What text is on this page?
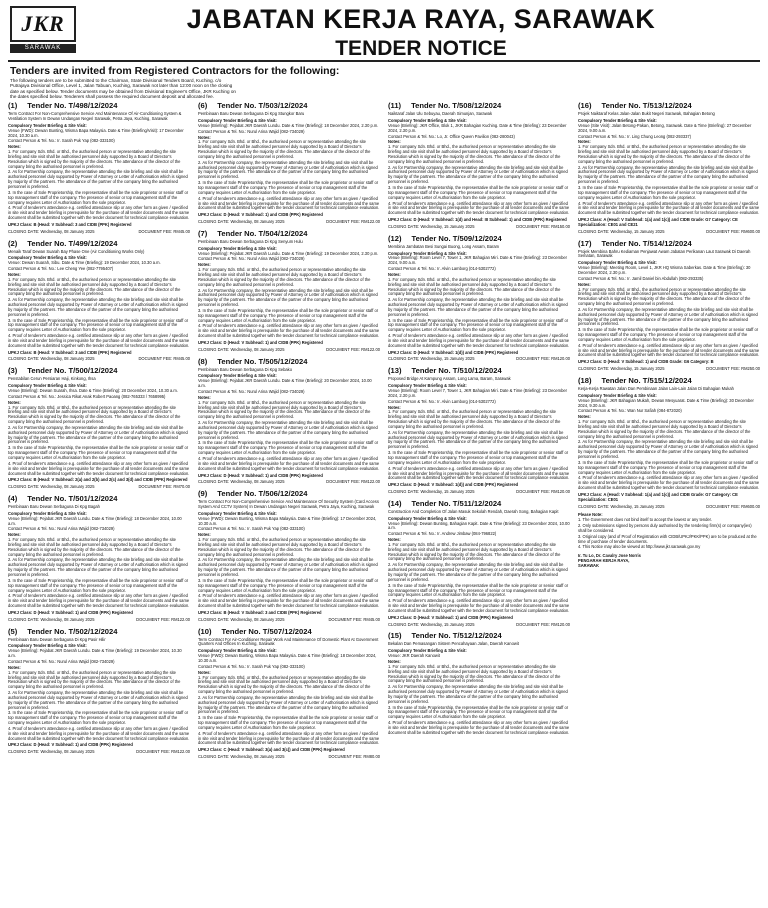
JKR
SARAWAK
JABATAN KERJA RAYA, SARAWAK
TENDER NOTICE
Tenders are invited from Registered Contractors for the following:
The following tenders are to be submitted to the Chairman, State Divisional Tenders Board, Kuching. c/o Putrajaya Divisional Office, Level 1, Jalan Tabuan, Kuching, Sarawak not later than 12:00 noon on the closing date as specified below. Tender documents may be obtained from Divisional Engineer's Office, JKR Kuching on the dates specified below. Tenderers shall possess the required document deposit and allocated fee.
(1) Tender No. T/498/12/2024
Term Contract For Non-Comprehensive Service And Maintenance Of Air-Conditioning System & Ventilation System In Dewan Undangan Negeri Sarawak, Petra Jaya, Kuching, Sarawak
Compulsory Tender Briefing & Site Visit:
Venue (FWD): Dewan Bunting, Wisma Bapa Malaysia. Date & Time (Briefing/Visit): 17 December 2024, 10.30 a.m.
Contact Person & Tel. No.: Ir. Sarah Puk Yap (082-333100)
Notes:
1. For company Sdn. Bhd. or Bhd., the authorised person or representative attending the site briefing and site visit shall be authorised personnel duly supported by a Board of Director's Resolution which is signed by the majority of the directors. The attendance of the director of the company bring the authorised personnel is preferred.
2. As for Partnership company, the representative attending the site briefing and site visit shall be authorised personnel duly supported by Power of Attorney or Letter of Authorisation which is signed by majority of the partners. The attendance of the partner of the company bring the authorised personnel is preferred.
3. In the case of Sole Proprietorship, the representative shall be the sole proprietor or senior staff or top management staff of the company. The presence of senior or top management staff of the company requires Letter of Authorisation from the sole proprietor.
4. Proof of tenderer's attendance e.g. certified attendance slip or any other form as given / specified in site visit and tender briefing is prerequisite for the purchase of all tender documents and the same document shall be submitted together with the tender document for technical compliance evaluation.
UPKJ Class: B (Head: V Subhead: 3 and CIDB (PPK) Registered
DOCUMENT FEE: RM45.00
CLOSING DATE: Wednesday, 08 January 2025
(2) Tender No. T/499/12/2024
Menaik Taraf Dewan Suarah Bay Phase One (Air Conditioning Works Only)
Compulsory Tender Briefing & Site Visit:
Venue: Dewan Suarah, Sibu. Date & Time (Briefing): 19 December 2024, 10.30 a.m.
Contact Person & Tel. No.: Lee Cheng Yee (082-7795407)
Notes:
1. For company Sdn. Bhd. or Bhd., the authorised person or representative attending the site briefing and site visit shall be authorised personnel duly supported by a Board of Director's Resolution which is signed by the majority of the directors. The attendance of the director of the company bring the authorised personnel is preferred.
2. As for Partnership company, the representative attending the site briefing and site visit shall be authorised personnel duly supported by Power of Attorney or Letter of Authorisation which is signed by majority of the partners. The attendance of the partner of the company bring the authorised personnel is preferred.
3. In the case of Sole Proprietorship, the representative shall be the sole proprietor or senior staff or top management staff of the company. The presence of senior or top management staff of the company requires Letter of Authorisation from the sole proprietor.
4. Proof of tenderer's attendance e.g. certified attendance slip or any other form as given / specified in site visit and tender briefing is prerequisite for the purchase of all tender documents and the same document shall be submitted together with the tender document for technical compliance evaluation.
UPKJ Class: B (Head: V Subhead: 3 and CIDB (PPK) Registered
DOCUMENT FEE: RM45.00
CLOSING DATE: Wednesday, 08 January 2025
(3) Tender No. T/500/12/2024
Penstabilan Cerun Persiaran Haji, Kinkong, Ihsa
Compulsory Tender Briefing & Site Visit:
Venue (Briefing): Dewan Suarah, Ihsa. Date & Time (Briefing): 20 December 2024, 10.30 a.m.
Contact Person & Tel. No.: Jessica Rikat Anak Robert Paoang (082-765333 / 7658995)
Notes:
1. For company Sdn. Bhd. or Bhd., the authorised person or representative attending the site briefing and site visit shall be authorised personnel duly supported by a Board of Director's Resolution which is signed by the majority of the directors. The attendance of the director of the company bring the authorised personnel is preferred.
2. As for Partnership company, the representative attending the site briefing and site visit shall be authorised personnel duly supported by Power of Attorney or Letter of Authorisation which is signed by majority of the partners. The attendance of the partner of the company bring the authorised personnel is preferred.
3. In the case of Sole Proprietorship, the representative shall be the sole proprietor or senior staff or top management staff of the company. The presence of senior or top management staff of the company requires Letter of Authorisation from the sole proprietor.
4. Proof of tenderer's attendance e.g. certified attendance slip or any other form as given / specified in site visit and tender briefing is prerequisite for the purchase of all tender documents and the same document shall be submitted together with the tender document for technical compliance evaluation.
UPKJ Class: B (Head: V Subhead: 2(a) and 2(b) and 2(c) and 3(d) and CIDB (PPK) Registered
DOCUMENT FEE: RM70.00
CLOSING DATE: Wednesday, 08 January 2025
(4) Tender No. T/501/12/2024
Pembinaan Baru Dewan Serbaguna Di Kpg Bagah
Compulsory Tender Briefing & Site Visit:
Venue (Briefing): Pejabat JKR Daerah Lundu. Date & Time (Briefing): 18 December 2024, 10.00 a.m.
Contact Person & Tel. No.: Nurul Arina Wajid (082-734029)
Notes:
1. For company Sdn. Bhd. or Bhd., the authorised person or representative attending the site briefing and site visit shall be authorised personnel duly supported by a Board of Director's Resolution which is signed by the majority of the directors. The attendance of the director of the company bring the authorised personnel is preferred.
2. As for Partnership company, the representative attending the site briefing and site visit shall be authorised personnel duly supported by Power of Attorney or Letter of Authorisation which is signed by majority of the partners. The attendance of the partner of the company bring the authorised personnel is preferred.
3. In the case of Sole Proprietorship, the representative shall be the sole proprietor or senior staff or top management staff of the company. The presence of senior or top management staff of the company requires Letter of Authorisation from the sole proprietor.
4. Proof of tenderer's attendance e.g. certified attendance slip or any other form as given / specified in site visit and tender briefing is prerequisite for the purchase of all tender documents and the same document shall be submitted together with the tender document for technical compliance evaluation.
UPKJ Class: D (Head: V Subhead: 1) and CIDB (PPK) Registered
DOCUMENT FEE: RM122.00
CLOSING DATE: Wednesday, 08 January 2025
(5) Tender No. T/502/12/2024
Pembinaan Baru Dewan Serbaguna Di Kpg Pasir Hilir
Compulsory Tender Briefing & Site Visit:
Venue (Briefing): Pejabat JKR Daerah Lundu. Date & Time (Briefing): 19 December 2024, 10.30 a.m.
Contact Person & Tel. No.: Nurul Arina Wajid (082-734029)
Notes:
1. For company Sdn. Bhd. or Bhd., the authorised person or representative attending the site briefing and site visit shall be authorised personnel duly supported by a Board of Director's Resolution which is signed by the majority of the directors. The attendance of the director of the company bring the authorised personnel is preferred.
2. As for Partnership company, the representative attending the site briefing and site visit shall be authorised personnel duly supported by Power of Attorney or Letter of Authorisation which is signed by majority of the partners. The attendance of the partner of the company bring the authorised personnel is preferred.
3. In the case of Sole Proprietorship, the representative shall be the sole proprietor or senior staff or top management staff of the company. The presence of senior or top management staff of the company requires Letter of Authorisation from the sole proprietor.
4. Proof of tenderer's attendance e.g. certified attendance slip or any other form as given / specified in site visit and tender briefing is prerequisite for the purchase of all tender documents and the same document shall be submitted together with the tender document for technical compliance evaluation.
UPKJ Class: D (Head: V Subhead: 1) and CIDB (PPK) Registered
DOCUMENT FEE: RM122.00
CLOSING DATE: Wednesday, 08 January 2025
(6) Tender No. T/503/12/2024
Pembinaan Baru Dewan Serbaguna Di Kpg Stungkor Baru
Compulsory Tender Briefing & Site Visit:
Venue (Briefing): Pejabat JKR Daerah Lundu. Date & Time (Briefing): 18 December 2024, 2.30 p.m.
Contact Person & Tel. No.: Nurul Arina Wajid (082-734029)
Notes:
1. For company Sdn. Bhd. or Bhd., the authorised person or representative attending the site briefing and site visit shall be authorised personnel duly supported by a Board of Director's Resolution which is signed by the majority of the directors. The attendance of the director of the company bring the authorised personnel is preferred.
2. As for Partnership company, the representative attending the site briefing and site visit shall be authorised personnel duly supported by Power of Attorney or Letter of Authorisation which is signed by majority of the partners. The attendance of the partner of the company bring the authorised personnel is preferred.
3. In the case of Sole Proprietorship, the representative shall be the sole proprietor or senior staff or top management staff of the company. The presence of senior or top management staff of the company requires Letter of Authorisation from the sole proprietor.
4. Proof of tenderer's attendance e.g. certified attendance slip or any other form as given / specified in site visit and tender briefing is prerequisite for the purchase of all tender documents and the same document shall be submitted together with the tender document for technical compliance evaluation.
UPKJ Class: D (Head: V Subhead: 1) and CIDB (PPK) Registered
DOCUMENT FEE: RM122.00
CLOSING DATE: Wednesday, 08 January 2025
(7) Tender No. T/504/12/2024
Pembinaan Baru Dewan Serbaguna Di Kpg Senyum Hulu
Compulsory Tender Briefing & Site Visit:
Venue (Briefing): Pejabat JKR Daerah Lundu. Date & Time (Briefing): 19 December 2024, 2.30 p.m.
Contact Person & Tel. No.: Nurul Arina Wajid (082-734029)
Notes:
1. For company Sdn. Bhd. or Bhd., the authorised person or representative attending the site briefing and site visit shall be authorised personnel duly supported by a Board of Director's Resolution which is signed by the majority of the directors. The attendance of the director of the company bring the authorised personnel is preferred.
2. As for Partnership company, the representative attending the site briefing and site visit shall be authorised personnel duly supported by Power of Attorney or Letter of Authorisation which is signed by majority of the partners. The attendance of the partner of the company bring the authorised personnel is preferred.
3. In the case of Sole Proprietorship, the representative shall be the sole proprietor or senior staff or top management staff of the company. The presence of senior or top management staff of the company requires Letter of Authorisation from the sole proprietor.
4. Proof of tenderer's attendance e.g. certified attendance slip or any other form as given / specified in site visit and tender briefing is prerequisite for the purchase of all tender documents and the same document shall be submitted together with the tender document for technical compliance evaluation.
UPKJ Class: D (Head: V Subhead: 1) and CIDB (PPK) Registered
DOCUMENT FEE: RM122.00
CLOSING DATE: Wednesday, 08 January 2025
(8) Tender No. T/505/12/2024
Pembinaan Baru Dewan Serbaguna Di Kpg Sebako
Compulsory Tender Briefing & Site Visit:
Venue (Briefing): Pejabat JKR Daerah Lundu. Date & Time (Briefing): 20 December 2024, 10.00 a.m.
Contact Person & Tel. No.: Nurul Arina Wajid (082-734029)
Notes:
1. For company Sdn. Bhd. or Bhd., the authorised person or representative attending the site briefing and site visit shall be authorised personnel duly supported by a Board of Director's Resolution which is signed by the majority of the directors. The attendance of the director of the company bring the authorised personnel is preferred.
2. As for Partnership company, the representative attending the site briefing and site visit shall be authorised personnel duly supported by Power of Attorney or Letter of Authorisation which is signed by majority of the partners. The attendance of the partner of the company bring the authorised personnel is preferred.
3. In the case of Sole Proprietorship, the representative shall be the sole proprietor or senior staff or top management staff of the company. The presence of senior or top management staff of the company requires Letter of Authorisation from the sole proprietor.
4. Proof of tenderer's attendance e.g. certified attendance slip or any other form as given / specified in site visit and tender briefing is prerequisite for the purchase of all tender documents and the same document shall be submitted together with the tender document for technical compliance evaluation.
UPKJ Class: D (Head: V Subhead: 1) and CIDB (PPK) Registered
DOCUMENT FEE: RM122.00
CLOSING DATE: Wednesday, 08 January 2025
(9) Tender No. T/506/12/2024
Term Contract For Non-Comprehensive Service And Maintenance Of Security System (Card Access System And CCTV System) In Dewan Undangan Negeri Sarawak, Petra Jaya, Kuching, Sarawak
Compulsory Tender Briefing & Site Visit:
Venue (FWD): Dewan Bunting, Wisma Bapa Malaysia. Date & Time (Briefing): 17 December 2024, 10.30 a.m.
Contact Person & Tel. No.: Ir. Sarah Puk Yap (082-333100)
Notes:
1. For company Sdn. Bhd. or Bhd., the authorised person or representative attending the site briefing and site visit shall be authorised personnel duly supported by a Board of Director's Resolution which is signed by the majority of the directors. The attendance of the director of the company bring the authorised personnel is preferred.
2. As for Partnership company, the representative attending the site briefing and site visit shall be authorised personnel duly supported by Power of Attorney or Letter of Authorisation which is signed by majority of the partners. The attendance of the partner of the company bring the authorised personnel is preferred.
3. In the case of Sole Proprietorship, the representative shall be the sole proprietor or senior staff or top management staff of the company. The presence of senior or top management staff of the company requires Letter of Authorisation from the sole proprietor.
4. Proof of tenderer's attendance e.g. certified attendance slip or any other form as given / specified in site visit and tender briefing is prerequisite for the purchase of all tender documents and the same document shall be submitted together with the tender document for technical compliance evaluation.
UPKJ Class: B (Head: V Subhead: 3 and CIDB (PPK) Registered
DOCUMENT FEE: RM45.00
CLOSING DATE: Wednesday, 08 January 2025
(10) Tender No. T/507/12/2024
Term Contract For Air-Conditioner Repair Work And Maintenance Of Domestic Plant At Government Quarters And Offices In Kuching, Sarawak
Compulsory Tender Briefing & Site Visit:
Venue (FWD): Dewan Bunting, Wisma Bapa Malaysia. Date & Time (Briefing): 18 December 2024, 10.30 a.m.
Contact Person & Tel. No.: Ir. Sarah Puk Yap (082-333100)
Notes:
1. For company Sdn. Bhd. or Bhd., the authorised person or representative attending the site briefing and site visit shall be authorised personnel duly supported by a Board of Director's Resolution which is signed by the majority of the directors. The attendance of the director of the company bring the authorised personnel is preferred.
2. As for Partnership company, the representative attending the site briefing and site visit shall be authorised personnel duly supported by Power of Attorney or Letter of Authorisation which is signed by majority of the partners. The attendance of the partner of the company bring the authorised personnel is preferred.
3. In the case of Sole Proprietorship, the representative shall be the sole proprietor or senior staff or top management staff of the company. The presence of senior or top management staff of the company requires Letter of Authorisation from the sole proprietor.
4. Proof of tenderer's attendance e.g. certified attendance slip or any other form as given / specified in site visit and tender briefing is prerequisite for the purchase of all tender documents and the same document shall be submitted together with the tender document for technical compliance evaluation.
UPKJ Class: C (Head: V Subhead: 3(a) and 3(c)) and CIDB (PPK) Registered
DOCUMENT FEE: RM80.00
CLOSING DATE: Wednesday, 08 January 2025
(11) Tender No. T/508/12/2024
Naiktaraf Jalan Ulu Sebuyau, Daerah Simunjan, Sarawak
Compulsory Tender Briefing & Site Visit:
Venue (Briefing): JKR Office, Blok 1, JKR Bahagian Kuching. Date & Time (Briefing): 23 December 2024, 2.30 p.m.
Contact Person & Tel. No.: Lo, Jr. Office Queen Pavilion (082-280043)
Notes:
1. For company Sdn. Bhd. or Bhd., the authorised person or representative attending the site briefing and site visit shall be authorised personnel duly supported by a Board of Director's Resolution which is signed by the majority of the directors. The attendance of the director of the company bring the authorised personnel is preferred.
2. As for Partnership company, the representative attending the site briefing and site visit shall be authorised personnel duly supported by Power of Attorney or Letter of Authorisation which is signed by majority of the partners. The attendance of the partner of the company bring the authorised personnel is preferred.
3. In the case of Sole Proprietorship, the representative shall be the sole proprietor or senior staff or top management staff of the company. The presence of senior or top management staff of the company requires Letter of Authorisation from the sole proprietor.
4. Proof of tenderer's attendance e.g. certified attendance slip or any other form as given / specified in site visit and tender briefing is prerequisite for the purchase of all tender documents and the same document shall be submitted together with the tender document for technical compliance evaluation.
UPKJ Class: D (Head: V Subhead: 1(d) and Head: III Subhead: 1) and CIDB (PPK) Registered
DOCUMENT FEE: RM150.00
CLOSING DATE: Wednesday, 15 January 2025
(12) Tender No. T/509/12/2024
Membina Jambatan Besi Sungai Buong, Long Assam, Baram
Compulsory Tender Briefing & Site Visit:
Venue (Briefing): Room Level 7, Tower 1, JKR Bahagian Miri. Date & Time (Briefing): 23 December 2024, 9.00 a.m.
Contact Person & Tel. No.: Ir. Alvin Lamborg (014-5302772)
Notes:
1. For company Sdn. Bhd. or Bhd., the authorised person or representative attending the site briefing and site visit shall be authorised personnel duly supported by a Board of Director's Resolution which is signed by the majority of the directors. The attendance of the director of the company bring the authorised personnel is preferred.
2. As for Partnership company, the representative attending the site briefing and site visit shall be authorised personnel duly supported by Power of Attorney or Letter of Authorisation which is signed by majority of the partners. The attendance of the partner of the company bring the authorised personnel is preferred.
3. In the case of Sole Proprietorship, the representative shall be the sole proprietor or senior staff or top management staff of the company. The presence of senior or top management staff of the company requires Letter of Authorisation from the sole proprietor.
4. Proof of tenderer's attendance e.g. certified attendance slip or any other form as given / specified in site visit and tender briefing is prerequisite for the purchase of all tender documents and the same document shall be submitted together with the tender document for technical compliance evaluation.
UPKJ Class: D (Head: V Subhead: 1(d)) and CIDB (PPK) Registered
DOCUMENT FEE: RM120.00
CLOSING DATE: Wednesday, 15 January 2025
(13) Tender No. T/510/12/2024
Proposed Bridge At Kampung Assam, Long Lama, Baram, Sarawak
Compulsory Tender Briefing & Site Visit:
Venue (Briefing): Room Level 7, Tower 1, JKR Bahagian Miri. Date & Time (Briefing): 23 December 2024, 2.30 p.m.
Contact Person & Tel. No.: Ir. Alvin Lamborg (014-5302772)
Notes:
1. For company Sdn. Bhd. or Bhd., the authorised person or representative attending the site briefing and site visit shall be authorised personnel duly supported by a Board of Director's Resolution which is signed by the majority of the directors. The attendance of the director of the company bring the authorised personnel is preferred.
2. As for Partnership company, the representative attending the site briefing and site visit shall be authorised personnel duly supported by Power of Attorney or Letter of Authorisation which is signed by majority of the partners. The attendance of the partner of the company bring the authorised personnel is preferred.
3. In the case of Sole Proprietorship, the representative shall be the sole proprietor or senior staff or top management staff of the company. The presence of senior or top management staff of the company requires Letter of Authorisation from the sole proprietor.
4. Proof of tenderer's attendance e.g. certified attendance slip or any other form as given / specified in site visit and tender briefing is prerequisite for the purchase of all tender documents and the same document shall be submitted together with the tender document for technical compliance evaluation.
UPKJ Class: D (Head: V Subhead: 1(d)) and CIDB (PPK) Registered
DOCUMENT FEE: RM120.00
CLOSING DATE: Wednesday, 15 January 2025
(14) Tender No. T/511/12/2024
Construction And Completion Of Jalan Masuk Sekolah Rendah, Daerah Song, Bahagian Kapit
Compulsory Tender Briefing & Site Visit:
Venue (Briefing): Dewan Bunting, Bahagian Kapit. Date & Time (Briefing): 23 December 2024, 10.00 a.m.
Contact Person & Tel. No.: Ir. Andrew Jimbaw (084-796822)
Notes:
1. For company Sdn. Bhd. or Bhd., the authorised person or representative attending the site briefing and site visit shall be authorised personnel duly supported by a Board of Director's Resolution which is signed by the majority of the directors. The attendance of the director of the company bring the authorised personnel is preferred.
2. As for Partnership company, the representative attending the site briefing and site visit shall be authorised personnel duly supported by Power of Attorney or Letter of Authorisation which is signed by majority of the partners. The attendance of the partner of the company bring the authorised personnel is preferred.
3. In the case of Sole Proprietorship, the representative shall be the sole proprietor or senior staff or top management staff of the company. The presence of senior or top management staff of the company requires Letter of Authorisation from the sole proprietor.
4. Proof of tenderer's attendance e.g. certified attendance slip or any other form as given / specified in site visit and tender briefing is prerequisite for the purchase of all tender documents and the same document shall be submitted together with the tender document for technical compliance evaluation.
UPKJ Class: D (Head: V Subhead: 1) and CIDB (PPK) Registered
DOCUMENT FEE: RM120.00
CLOSING DATE: Wednesday, 15 January 2025
(15) Tender No. T/512/12/2024
Bekalan Dan Pemasangan Sistem Pencahayaan Jalan, Daerah Kanowit
Compulsory Tender Briefing & Site Visit:
Venue: JKR Daerah Kanowit
Notes:
1. For company Sdn. Bhd. or Bhd., the authorised person or representative attending the site briefing and site visit shall be authorised personnel duly supported by a Board of Director's Resolution which is signed by the majority of the directors. The attendance of the director of the company bring the authorised personnel is preferred.
2. As for Partnership company, the representative attending the site briefing and site visit shall be authorised personnel duly supported by Power of Attorney or Letter of Authorisation which is signed by majority of the partners. The attendance of the partner of the company bring the authorised personnel is preferred.
3. In the case of Sole Proprietorship, the representative shall be the sole proprietor or senior staff or top management staff of the company. The presence of senior or top management staff of the company requires Letter of Authorisation from the sole proprietor.
4. Proof of tenderer's attendance e.g. certified attendance slip or any other form as given / specified in site visit and tender briefing is prerequisite for the purchase of all tender documents and the same document shall be submitted together with the tender document for technical compliance evaluation.
(16) Tender No. T/513/12/2024
Projek Naiktaraf Kelas Jalan-Jalan Bukit Negeri Sarawak, Bahagian Betong
Compulsory Tender Briefing & Site Visit:
Venue (Site Visit): Jalan Betong-Pakan, Betong, Sarawak. Date & Time (Briefing): 27 December 2024, 9.00 a.m.
Contact Person & Tel. No.: Ir. Ling Chung Leong (082-293337)
Notes:
1. For company Sdn. Bhd. or Bhd., the authorised person or representative attending the site briefing and site visit shall be authorised personnel duly supported by a Board of Director's Resolution which is signed by the majority of the directors. The attendance of the director of the company bring the authorised personnel is preferred.
2. As for Partnership company, the representative attending the site briefing and site visit shall be authorised personnel duly supported by Power of Attorney or Letter of Authorisation which is signed by majority of the partners. The attendance of the partner of the company bring the authorised personnel is preferred.
3. In the case of Sole Proprietorship, the representative shall be the sole proprietor or senior staff or top management staff of the company. The presence of senior or top management staff of the company requires Letter of Authorisation from the sole proprietor.
4. Proof of tenderer's attendance e.g. certified attendance slip or any other form as given / specified in site visit and tender briefing is prerequisite for the purchase of all tender documents and the same document shall be submitted together with the tender document for technical compliance evaluation.
UPKJ Class: A (Head: V Subhead: 1(a) and 1(c)) and CIDB Grade: G7 Category: CE Specialization: CE01 and CE21
DOCUMENT FEE: RM600.00
CLOSING DATE: Wednesday, 15 January 2025
(17) Tender No. T/514/12/2024
Projek Membina Bahru Kediaman Penjawat Awam Jabatan Perikanan Laut Sarawak Di Daerah Sematan, Sarawak
Compulsory Tender Briefing & Site Visit:
Venue (Briefing): Meeting Room, Level 1, JKR HQ Wisma Saberkas. Date & Time (Briefing): 30 December 2024, 2.30 p.m.
Contact Person & Tel. No.: Ir. Jamil Daniel bin Abdullah (082-293335)
Notes:
1. For company Sdn. Bhd. or Bhd., the authorised person or representative attending the site briefing and site visit shall be authorised personnel duly supported by a Board of Director's Resolution which is signed by the majority of the directors. The attendance of the director of the company bring the authorised personnel is preferred.
2. As for Partnership company, the representative attending the site briefing and site visit shall be authorised personnel duly supported by Power of Attorney or Letter of Authorisation which is signed by majority of the partners. The attendance of the partner of the company bring the authorised personnel is preferred.
3. In the case of Sole Proprietorship, the representative shall be the sole proprietor or senior staff or top management staff of the company. The presence of senior or top management staff of the company requires Letter of Authorisation from the sole proprietor.
4. Proof of tenderer's attendance e.g. certified attendance slip or any other form as given / specified in site visit and tender briefing is prerequisite for the purchase of all tender documents and the same document shall be submitted together with the tender document for technical compliance evaluation.
UPKJ Class: D (Head: V Subhead: 1) and CIDB Grade: G6 Category: B
DOCUMENT FEE: RM250.00
CLOSING DATE: Wednesday, 15 January 2025
(18) Tender No. T/515/12/2024
Kerja-Kerja Rawatan Jalan Dan Pembinaan Jalan Lain-Lain Jalan Di Bahagian Mukah
Compulsory Tender Briefing & Site Visit:
Venue (Briefing): JKR Bahagian Mukah, Dewan Mesyuarat. Date & Time (Briefing): 30 December 2024, 9.30 a.m.
Contact Person & Tel. No.: Wan Nur Safiah (084-872020)
Notes:
1. For company Sdn. Bhd. or Bhd., the authorised person or representative attending the site briefing and site visit shall be authorised personnel duly supported by a Board of Director's Resolution which is signed by the majority of the directors. The attendance of the director of the company bring the authorised personnel is preferred.
2. As for Partnership company, the representative attending the site briefing and site visit shall be authorised personnel duly supported by Power of Attorney or Letter of Authorisation which is signed by majority of the partners. The attendance of the partner of the company bring the authorised personnel is preferred.
3. In the case of Sole Proprietorship, the representative shall be the sole proprietor or senior staff or top management staff of the company. The presence of senior or top management staff of the company requires Letter of Authorisation from the sole proprietor.
4. Proof of tenderer's attendance e.g. certified attendance slip or any other form as given / specified in site visit and tender briefing is prerequisite for the purchase of all tender documents and the same document shall be submitted together with the tender document for technical compliance evaluation.
UPKJ Class: A (Head: V Subhead: 1(a) and 1(c)) and CIDB Grade: G7 Category: CE Specialization: CE01
DOCUMENT FEE: RM600.00
CLOSING DATE: Wednesday, 15 January 2025
Please Note:

1. The Government does not bind itself to accept the lowest or any tender.

2. Only submissions signed by persons duly authorised by the tendering firm(s) or company(ies) shall be considered.

3. Original copy (and of Proof of Registration with CIDB/UPKJ/PKK/PPK) are to be produced at the time of purchase of tender documents.

4. This Notice may also be viewed at http://www.jkr.sarawak.gov.my

Ir. Tu Lo, Dr. Cavalry Jose Norris
PENGARAH KERJA RAYA,
SARAWAK
